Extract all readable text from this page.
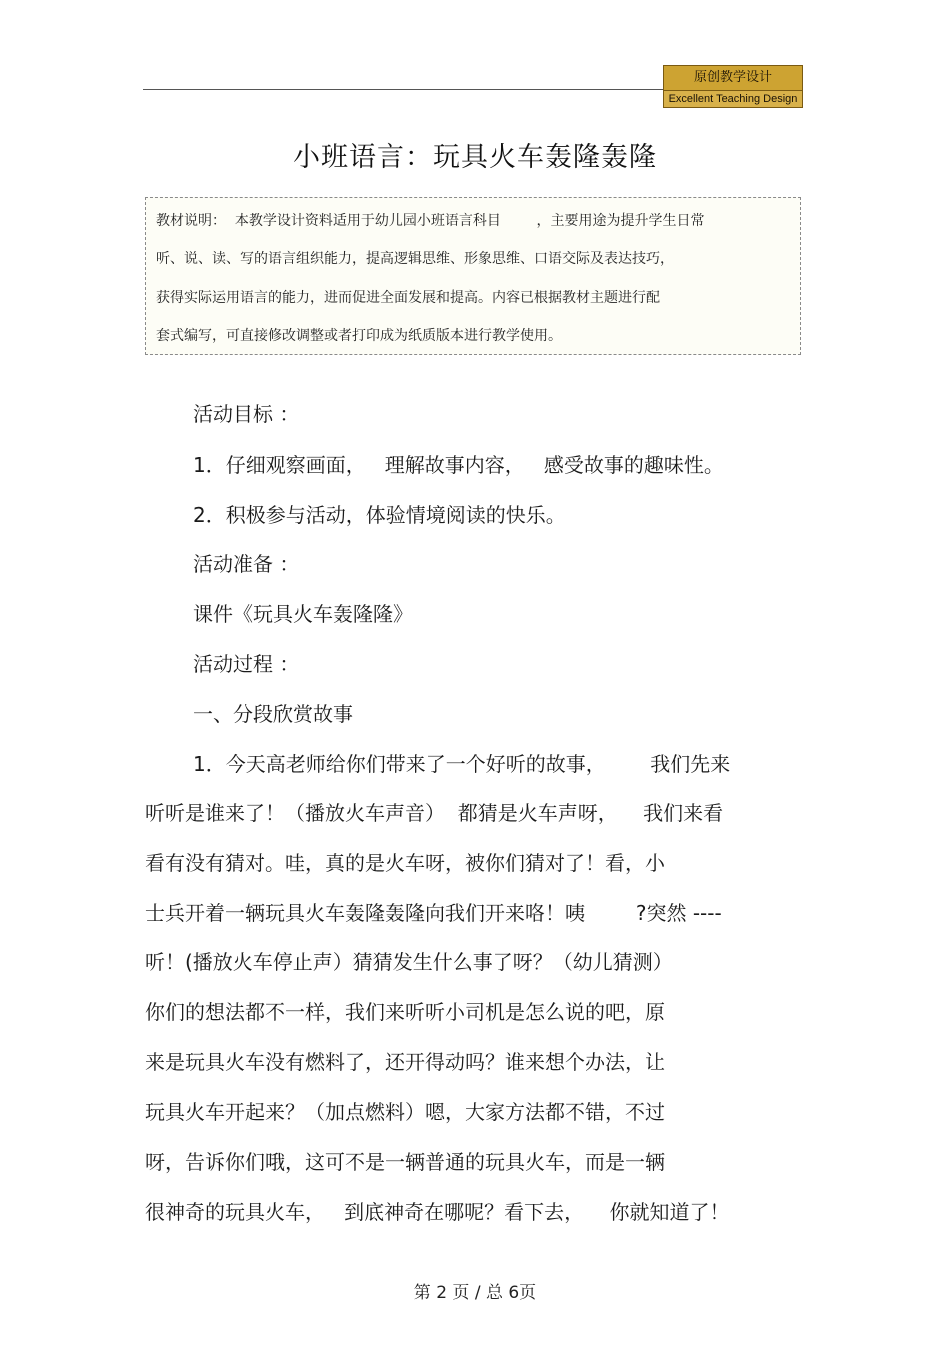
原创教学设计
Excellent Teaching Design
小班语言：玩具火车轰隆轰隆
教材说明：  本教学设计资料适用于幼儿园小班语言科目        ，主要用途为提升学生日常
听、说、读、写的语言组织能力，提高逻辑思维、形象思维、口语交际及表达技巧，
获得实际运用语言的能力，进而促进全面发展和提高。内容已根据教材主题进行配
套式编写，可直接修改调整或者打印成为纸质版本进行教学使用。
活动目标 ：
1．仔细观察画面，   理解故事内容，   感受故事的趣味性。
2．积极参与活动，体验情境阅读的快乐。
活动准备 ：
课件《玩具火车轰隆隆》
活动过程 ：
一、分段欣赏故事
1．今天高老师给你们带来了一个好听的故事，       我们先来
听听是谁来了！（播放火车声音）  都猜是火车声呀，    我们来看
看有没有猜对。哇，真的是火车呀，被你们猜对了！看，小
士兵开着一辆玩具火车轰隆轰隆向我们开来咯！咦        ?突然 ----
听！(播放火车停止声）猜猜发生什么事了呀？（幼儿猜测）
你们的想法都不一样，我们来听听小司机是怎么说的吧，原
来是玩具火车没有燃料了，还开得动吗？谁来想个办法，让
玩具火车开起来？（加点燃料）嗯，大家方法都不错，不过
呀，告诉你们哦，这可不是一辆普通的玩具火车，而是一辆
很神奇的玩具火车，   到底神奇在哪呢？看下去，    你就知道了！
第 2 页 / 总 6页
